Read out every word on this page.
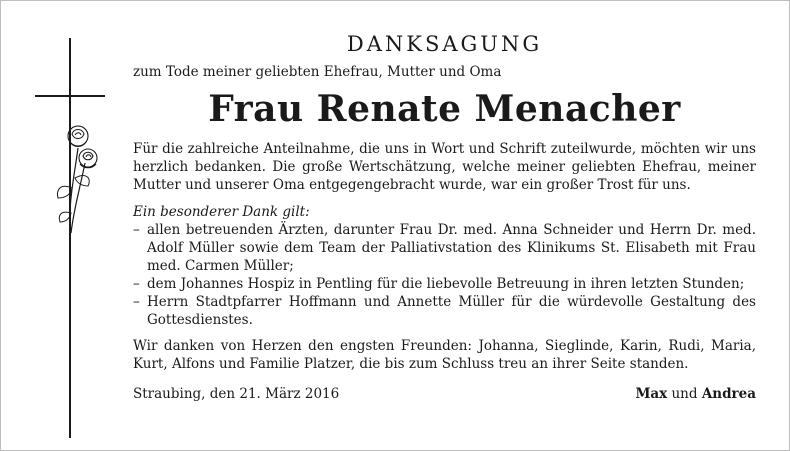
DANKSAGUNG

zum Tode meiner geliebten Ehefrau, Mutter und Oma

Frau Renate Menacher

Für die zahlreiche Anteilnahme, die uns in Wort und Schrift zuteilwurde, möchten wir uns herzlich bedanken. Die große Wertschätzung, welche meiner geliebten Ehefrau, meiner Mutter und unserer Oma entgegengebracht wurde, war ein großer Trost für uns.

Ein besonderer Dank gilt:
– allen betreuenden Ärzten, darunter Frau Dr. med. Anna Schneider und Herrn Dr. med. Adolf Müller sowie dem Team der Palliativstation des Klinikums St. Elisabeth mit Frau med. Carmen Müller;
– dem Johannes Hospiz in Pentling für die liebevolle Betreuung in ihren letzten Stunden;
– Herrn Stadtpfarrer Hoffmann und Annette Müller für die würdevolle Gestaltung des Gottesdienstes.

Wir danken von Herzen den engsten Freunden: Johanna, Sieglinde, Karin, Rudi, Maria, Kurt, Alfons und Familie Platzer, die bis zum Schluss treu an ihrer Seite standen.

Straubing, den 21. März 2016	Max und Andrea
